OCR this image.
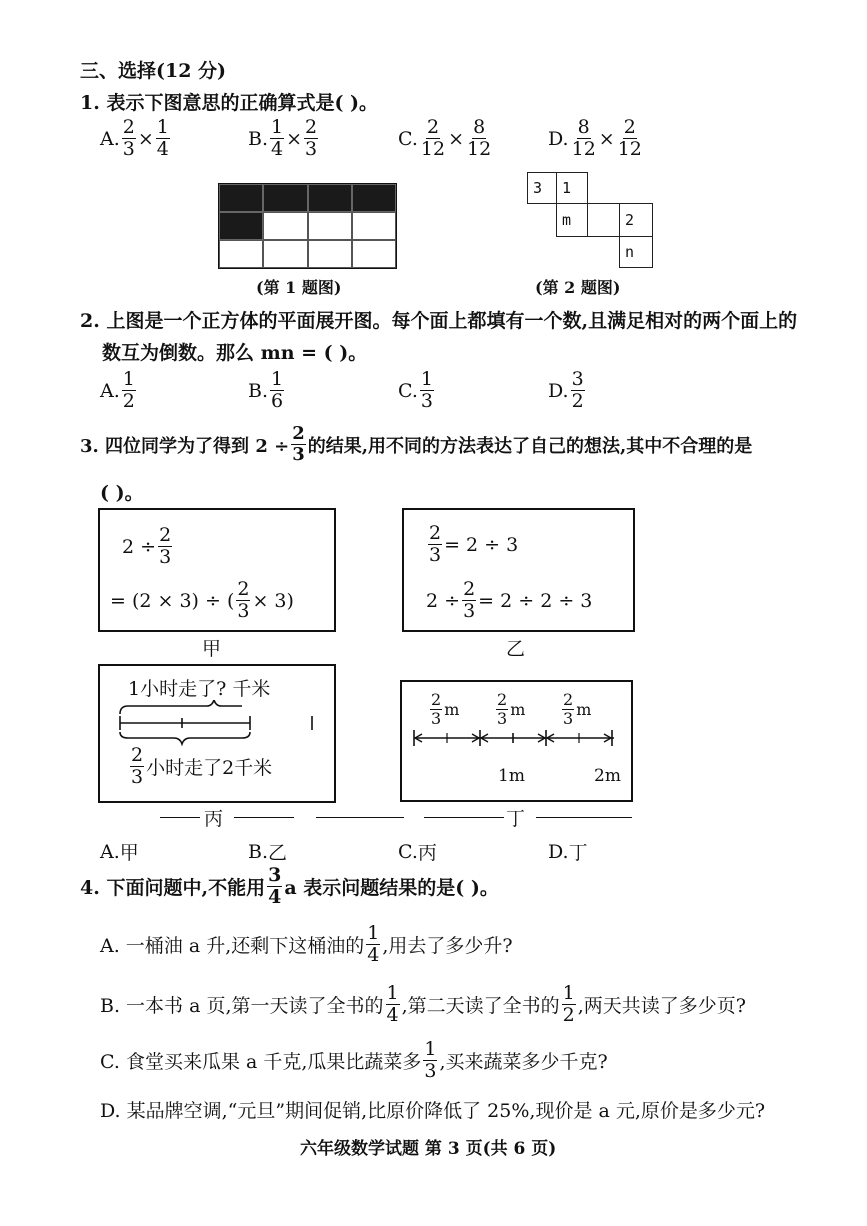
三、选择(12 分)
1. 表示下图意思的正确算式是( )。
A. $\frac{2}{3} \times \frac{1}{4}$	B. $\frac{1}{4} \times \frac{2}{3}$	C. $\frac{2}{12} \times \frac{8}{12}$	D. $\frac{8}{12} \times \frac{2}{12}$
(第 1 题图)
3	1
m	2
n
(第 2 题图)
2. 上图是一个正方体的平面展开图。每个面上都填有一个数,且满足相对的两个面上的
数互为倒数。那么 mn = ( )。
A. $\frac{1}{2}$	B. $\frac{1}{6}$	C. $\frac{1}{3}$	D. $\frac{3}{2}$
3. 四位同学为了得到 $2 \div \frac{2}{3}$ 的结果,用不同的方法表达了自己的想法,其中不合理的是
( )。
$2 \div \frac{2}{3}$
= (2 × 3) ÷ ( $\frac{2}{3} \times 3$)
甲
$\frac{2}{3} = 2 \div 3$
$2 \div \frac{2}{3} = 2 \div 2 \div 3$
乙
1小时走了? 千米
$\frac{2}{3}$ 小时走了2千米
$\frac{2}{3}$ m $\frac{2}{3}$ m $\frac{2}{3}$ m
1m	2m
丙	丁
A. 甲	B. 乙	C. 丙	D. 丁
4. 下面问题中,不能用 $\frac{3}{4}$ a 表示问题结果的是( )。
A. 一桶油 a 升,还剩下这桶油的 $\frac{1}{4}$ ,用去了多少升?
B. 一本书 a 页,第一天读了全书的 $\frac{1}{4}$ ,第二天读了全书的 $\frac{1}{2}$ ,两天共读了多少页?
C. 食堂买来瓜果 a 千克,瓜果比蔬菜多 $\frac{1}{3}$ ,买来蔬菜多少千克?
D. 某品牌空调,“元旦”期间促销,比原价降低了 25%,现价是 a 元,原价是多少元?
六年级数学试题 第 3 页(共 6 页)
